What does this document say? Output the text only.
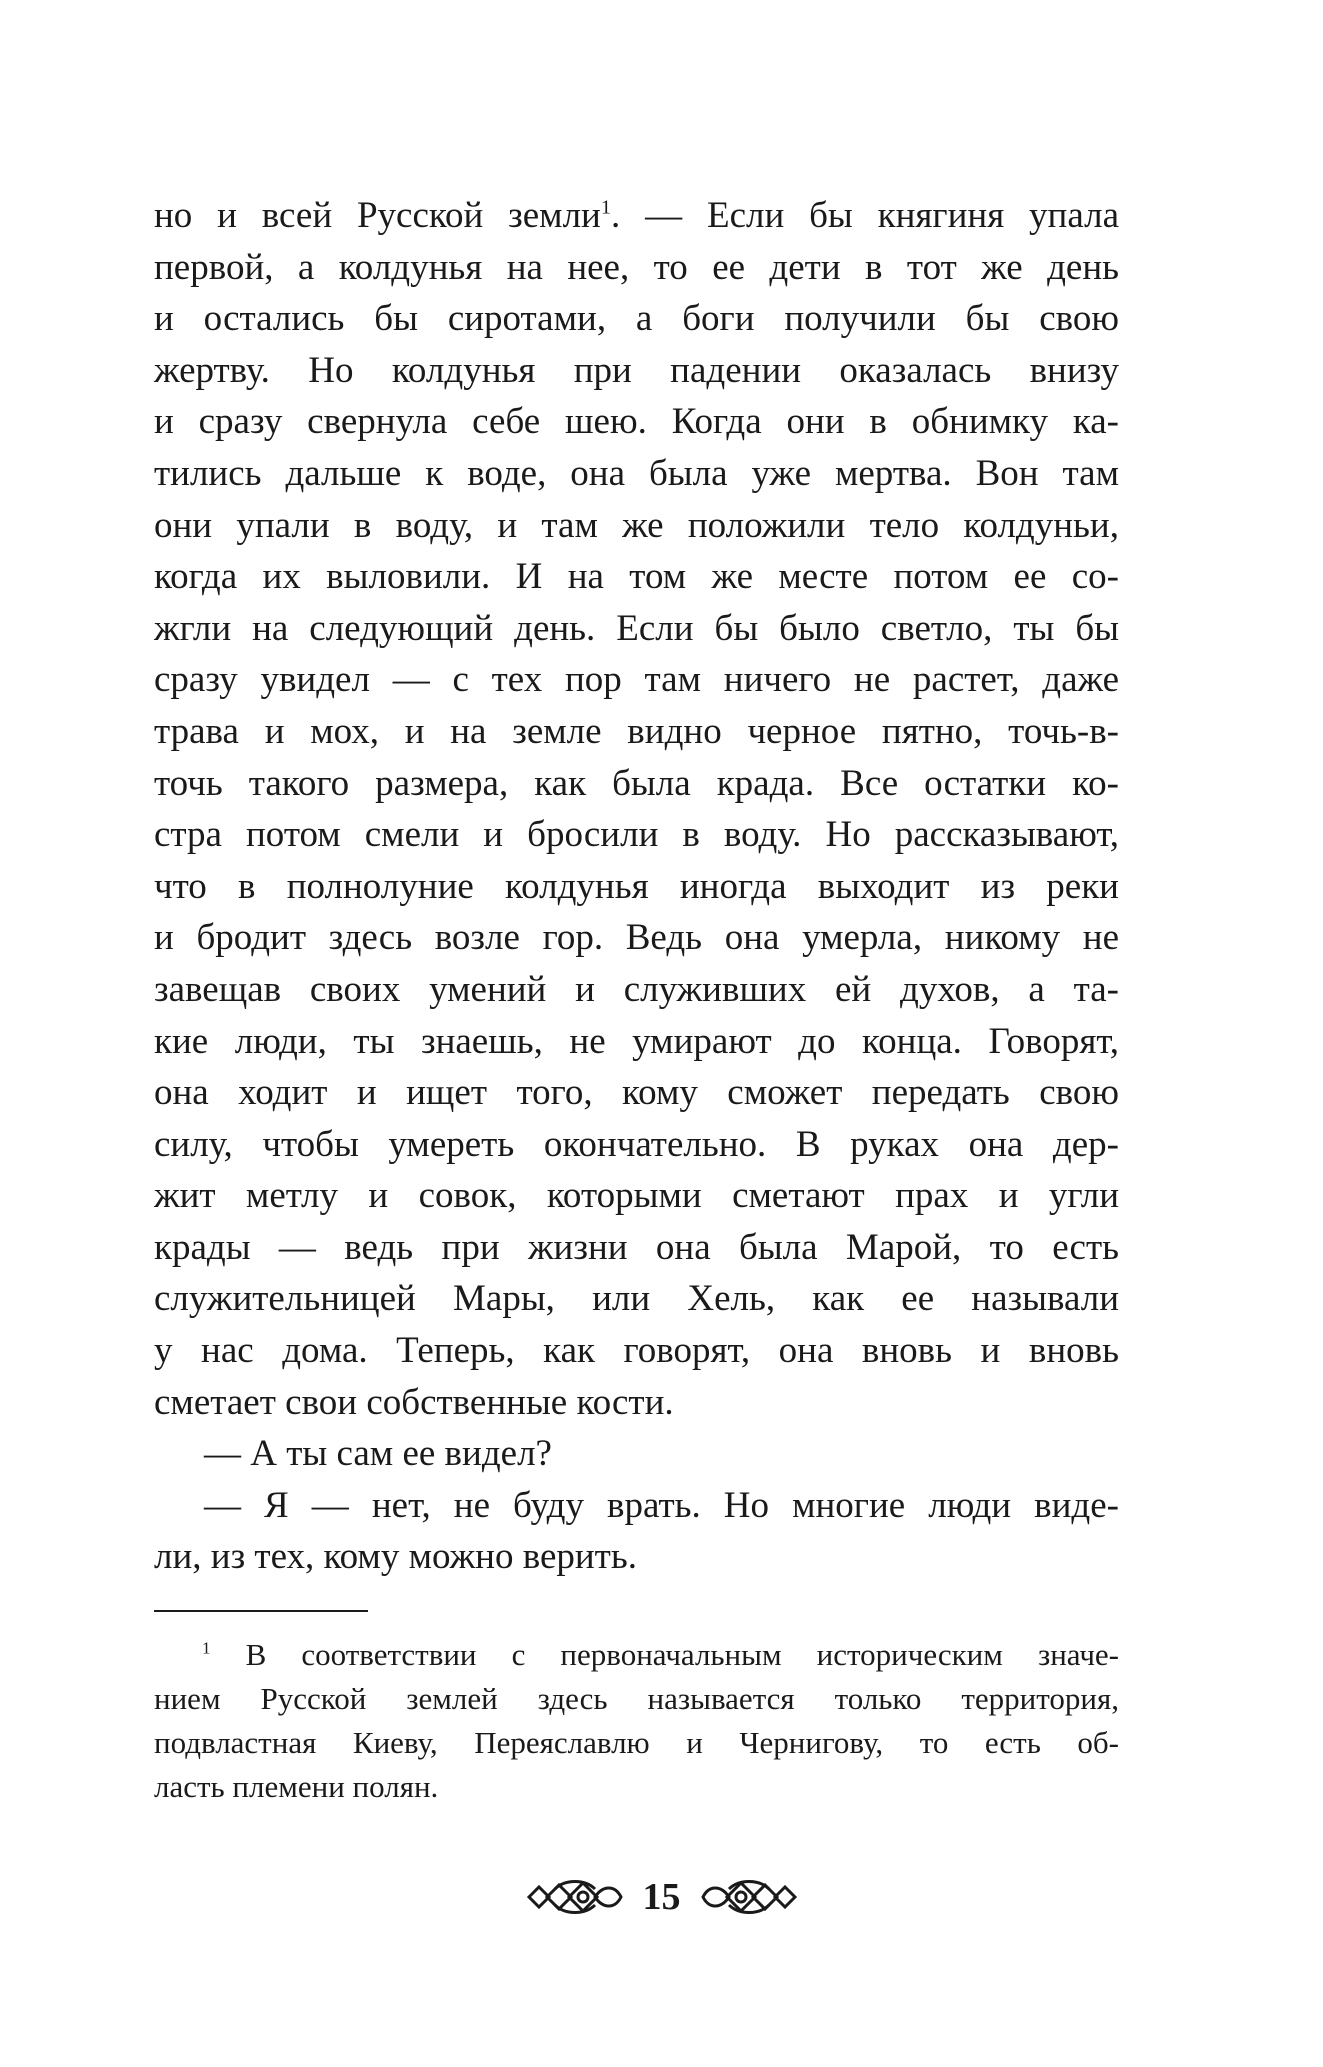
но и всей Русской земли$^1$. — Если бы княгиня упала
первой, а колдунья на нее, то ее дети в тот же день
и остались бы сиротами, а боги получили бы свою
жертву. Но колдунья при падении оказалась внизу
и сразу свернула себе шею. Когда они в обнимку ка-
тились дальше к воде, она была уже мертва. Вон там
они упали в воду, и там же положили тело колдуньи,
когда их выловили. И на том же месте потом ее со-
жгли на следующий день. Если бы было светло, ты бы
сразу увидел — с тех пор там ничего не растет, даже
трава и мох, и на земле видно черное пятно, точь-в-
точь такого размера, как была крада. Все остатки ко-
стра потом смели и бросили в воду. Но рассказывают,
что в полнолуние колдунья иногда выходит из реки
и бродит здесь возле гор. Ведь она умерла, никому не
завещав своих умений и служивших ей духов, а та-
кие люди, ты знаешь, не умирают до конца. Говорят,
она ходит и ищет того, кому сможет передать свою
силу, чтобы умереть окончательно. В руках она дер-
жит метлу и совок, которыми сметают прах и угли
крады — ведь при жизни она была Марой, то есть
служительницей Мары, или Хель, как ее называли
у нас дома. Теперь, как говорят, она вновь и вновь
сметает свои собственные кости.
— А ты сам ее видел?
— Я — нет, не буду врать. Но многие люди виде-
ли, из тех, кому можно верить.
$^1$ В соответствии с первоначальным историческим значе-
нием Русской землей здесь называется только территория,
подвластная Киеву, Переяславлю и Чернигову, то есть об-
ласть племени полян.
15
